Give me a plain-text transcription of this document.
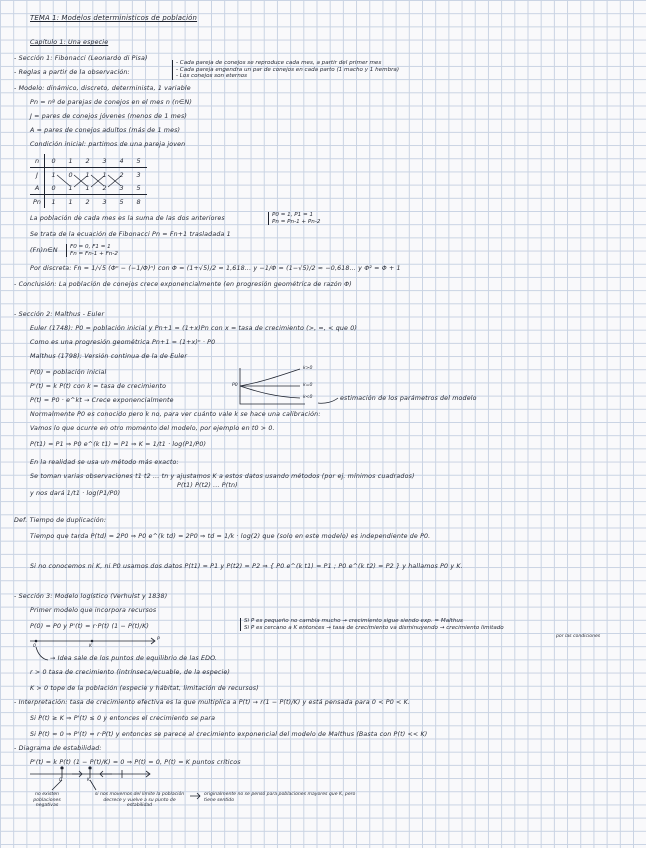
TEMA 1: Modelos deterministicos de población
Capítulo 1: Una especie
- Sección 1: Fibonacci (Leonardo di Pisa)
- Reglas a partir de la observación:
- Cada pareja de conejos se reproduce cada mes, a partir del primer mes
- Cada pareja engendra un par de conejos en cada parto (1 macho y 1 hembra)
- Los conejos son eternos
- Modelo: dinámico, discreto, determinista, 1 variable
Pn = nº de parejas de conejos en el mes n (n∈N)
J = pares de conejos jóvenes (menos de 1 mes)
A = pares de conejos adultos (más de 1 mes)
Condición inicial: partimos de una pareja joven
n	0	1	2	3	4	5
J	1	0	1	1	2	3
A	0	1	1	2	3	5
Pn	1	1	2	3	5	8
La población de cada mes es la suma de las dos anteriores	P0 = 1, P1 = 1
Pn = Pn-1 + Pn-2
Se trata de la ecuación de Fibonacci Pn = Fn+1 trasladada 1
(Fn)n∈N F0 = 0, F1 = 1
Fn = Fn-1 + Fn-2
Por discreta: Fn = 1/√5 (Φⁿ − (−1/Φ)ⁿ) con Φ = (1+√5)/2 ≈ 1,618... y −1/Φ = (1−√5)/2 ≈ −0,618... y Φ² = Φ + 1
- Conclusión: La población de conejos crece exponencialmente (en progresión geométrica de razón Φ)
- Sección 2: Malthus - Euler
Euler (1748): P0 = población inicial y Pn+1 = (1+x)Pn con x = tasa de crecimiento (>, =, < que 0)
Como es una progresión geométrica Pn+1 = (1+x)ⁿ · P0
Malthus (1798): Versión continua de la de Euler
P(0) = población inicial
P'(t) = k P(t) con k = tasa de crecimiento
P(t) = P0 · e^kt → Crece exponencialmente
k>0
k=0
k<0
P0
estimación de los parámetros del modelo
Normalmente P0 es conocido pero k no, para ver cuánto vale k se hace una calibración:
Vamos lo que ocurre en otro momento del modelo, por ejemplo en t0 > 0.
P(t1) = P1 ⇒ P0 e^(k t1) = P1 ⇒ K = 1/t1 · log(P1/P0)
En la realidad se usa un método más exacto:
Se toman varias observaciones t1 t2 ... tn y ajustamos K a estos datos usando métodos (por ej. mínimos cuadrados)
P(t1) P(t2) ... P(tn)
y nos dará 1/t1 · log(P1/P0)
Def. Tiempo de duplicación:
Tiempo que tarda P(td) = 2P0 ⇒ P0 e^(k td) = 2P0 ⇒ td = 1/k · log(2) que (solo en este modelo) es independiente de P0.
Si no conocemos ni K, ni P0 usamos dos datos P(t1) = P1 y P(t2) = P2 ⇒ { P0 e^(k t1) = P1 ; P0 e^(k t2) = P2 } y hallamos P0 y K.
- Sección 3: Modelo logístico (Verhulst y 1838)
Primer modelo que incorpora recursos
P(0) = P0 y P'(t) = r·P(t) (1 − P(t)/K)
Si P es pequeño no cambia mucho → crecimiento sigue siendo exp. = Malthus
Si P es cercano a K entonces → tasa de crecimiento va disminuyendo → crecimiento limitado
por las condiciones
0	K
P
→ Idea sale de los puntos de equilibrio de las EDO.
r > 0 tasa de crecimiento (intrínseca/ecuable, de la especie)
K > 0 tope de la población (especie y hábitat, limitación de recursos)
- Interpretación: tasa de crecimiento efectiva es la que multiplica a P(t) → r(1 − P(t)/K) y está pensada para 0 < P0 < K.
Si P(t) ≥ K ⇒ P'(t) ≤ 0 y entonces el crecimiento se para
Si P(t) ≈ 0 ⇒ P'(t) ≈ r·P(t) y entonces se parece al crecimiento exponencial del modelo de Malthus (Basta con P(t) << K)
- Diagrama de estabilidad:
P'(t) = k P(t) (1 − P(t)/K) = 0 ⇒ P(t) = 0, P(t) = K puntos críticos
0	K
no existen poblaciones negativas
si nos movemos del límite la población decrece y vuelve a su punto de estabilidad
originalmente no se pensó para poblaciones mayores que K, pero tiene sentido
